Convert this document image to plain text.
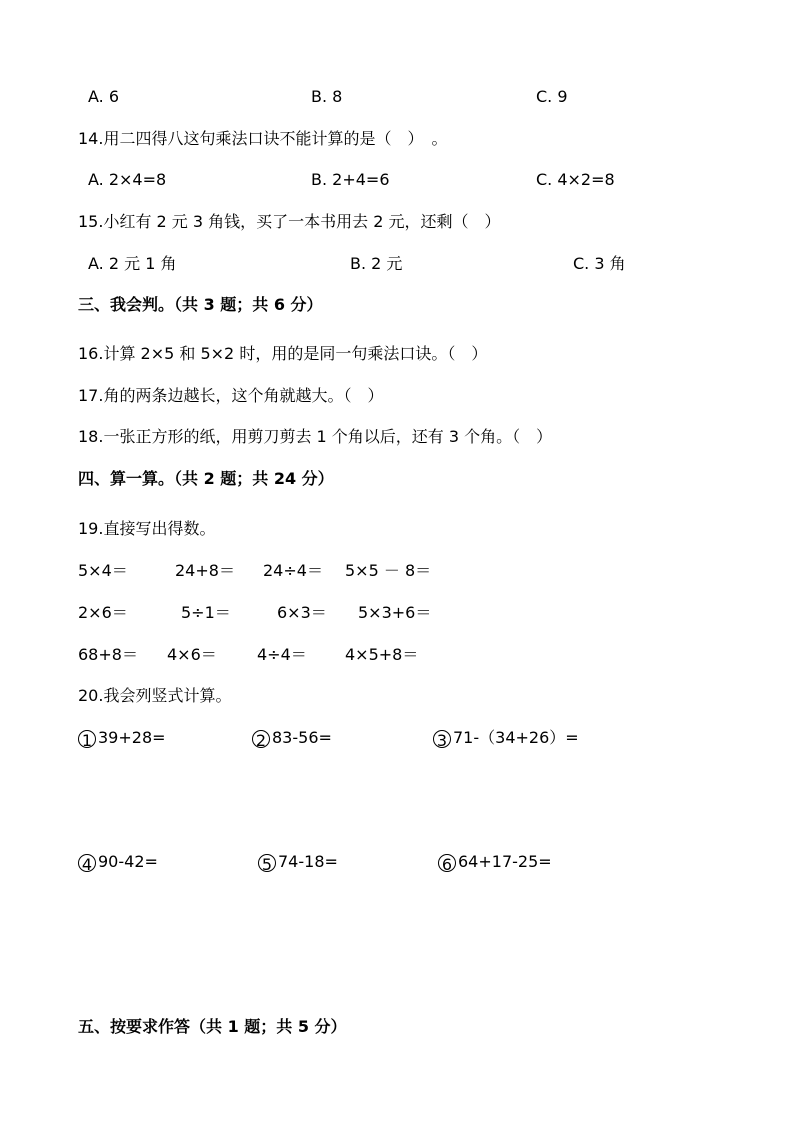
A. 6	B. 8	C. 9
14.用二四得八这句乘法口诀不能计算的是（　）　。
A. 2×4=8	B. 2+4=6	C. 4×2=8
15.小红有 2 元 3 角钱，买了一本书用去 2 元，还剩（　）
A. 2 元 1 角	B. 2 元	C. 3 角
三、我会判。（共 3 题；共 6 分）
16.计算 2×5 和 5×2 时，用的是同一句乘法口诀。（　）
17.角的两条边越长，这个角就越大。（　）
18.一张正方形的纸，用剪刀剪去 1 个角以后，还有 3 个角。（　）
四、算一算。（共 2 题；共 24 分）
19.直接写出得数。
5×4＝	24+8＝ 24÷4＝ 5×5 － 8＝
2×6＝	5÷1＝	6×3＝ 5×3+6＝
68+8＝ 4×6＝	4÷4＝ 4×5+8＝
20.我会列竖式计算。
1 39+28=	2 83-56=	3 71-（34+26）=
4 90-42=	5 74-18=	6 64+17-25=
五、按要求作答（共 1 题；共 5 分）
